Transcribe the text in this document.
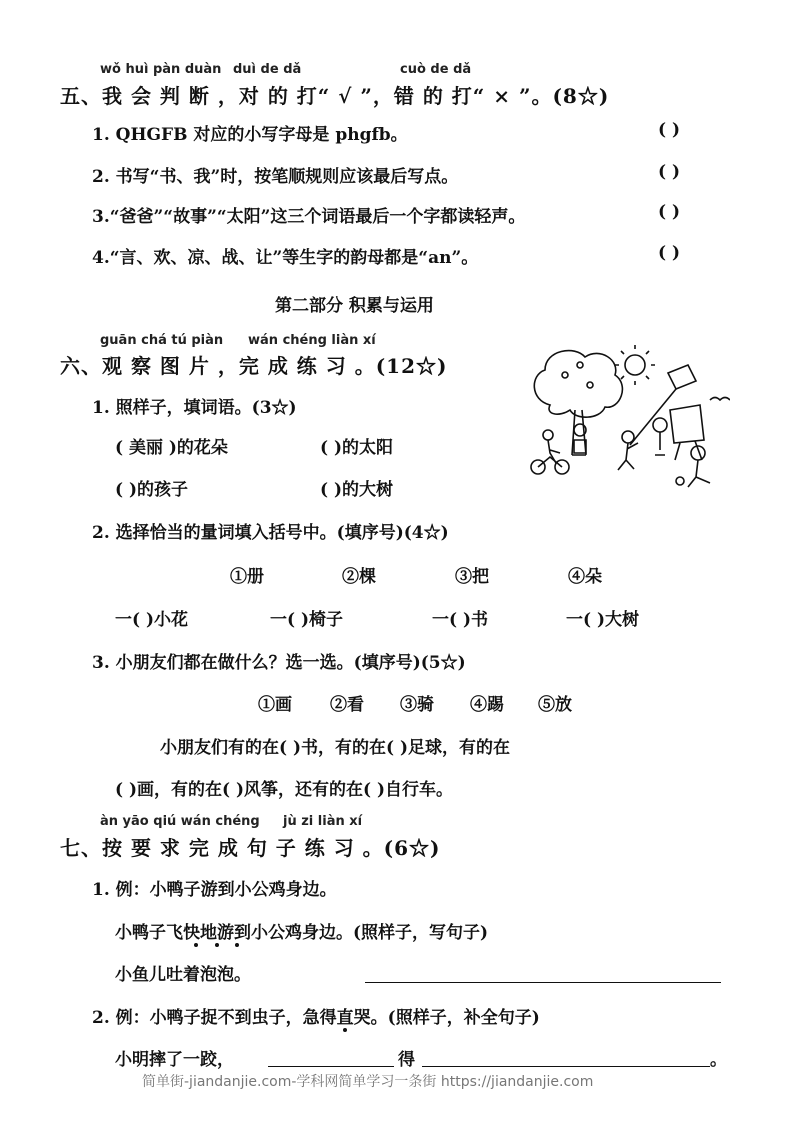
wǒ huì pàn duàn duì de dǎ	cuò de dǎ
五、我 会 判 断 ，对 的 打“ √ ”，错 的 打“ × ”。(8☆)
1. QHGFB 对应的小写字母是 phgfb。	( )
2. 书写“书、我”时，按笔顺规则应该最后写点。	( )
3.“爸爸”“故事”“太阳”这三个词语最后一个字都读轻声。	( )
4.“言、欢、凉、战、让”等生字的韵母都是“an”。	( )
第二部分 积累与运用
guān chá tú piàn wán chéng liàn xí
六、观 察 图 片 ，完 成 练 习 。(12☆)
1. 照样子，填词语。(3☆)
( 美丽 )的花朵	( )的太阳
( )的孩子	( )的大树
2. 选择恰当的量词填入括号中。(填序号)(4☆)
①册	②棵	③把	④朵
一( )小花	一( )椅子	一( )书	一( )大树
3. 小朋友们都在做什么？选一选。(填序号)(5☆)
①画 ②看 ③骑 ④踢 ⑤放
小朋友们有的在( )书，有的在( )足球，有的在
( )画，有的在( )风筝，还有的在( )自行车。
àn yāo qiú wán chéng jù zi liàn xí
七、按 要 求 完 成 句 子 练 习 。(6☆)
1. 例：小鸭子游到小公鸡身边。
小鸭子飞快地游到小公鸡身边。(照样子，写句子)
小鱼儿吐着泡泡。
2. 例：小鸭子捉不到虫子，急得直哭。(照样子，补全句子)
小明摔了一跤，	得	。
简单街-jiandanjie.com-学科网简单学习一条街 https://jiandanjie.com
